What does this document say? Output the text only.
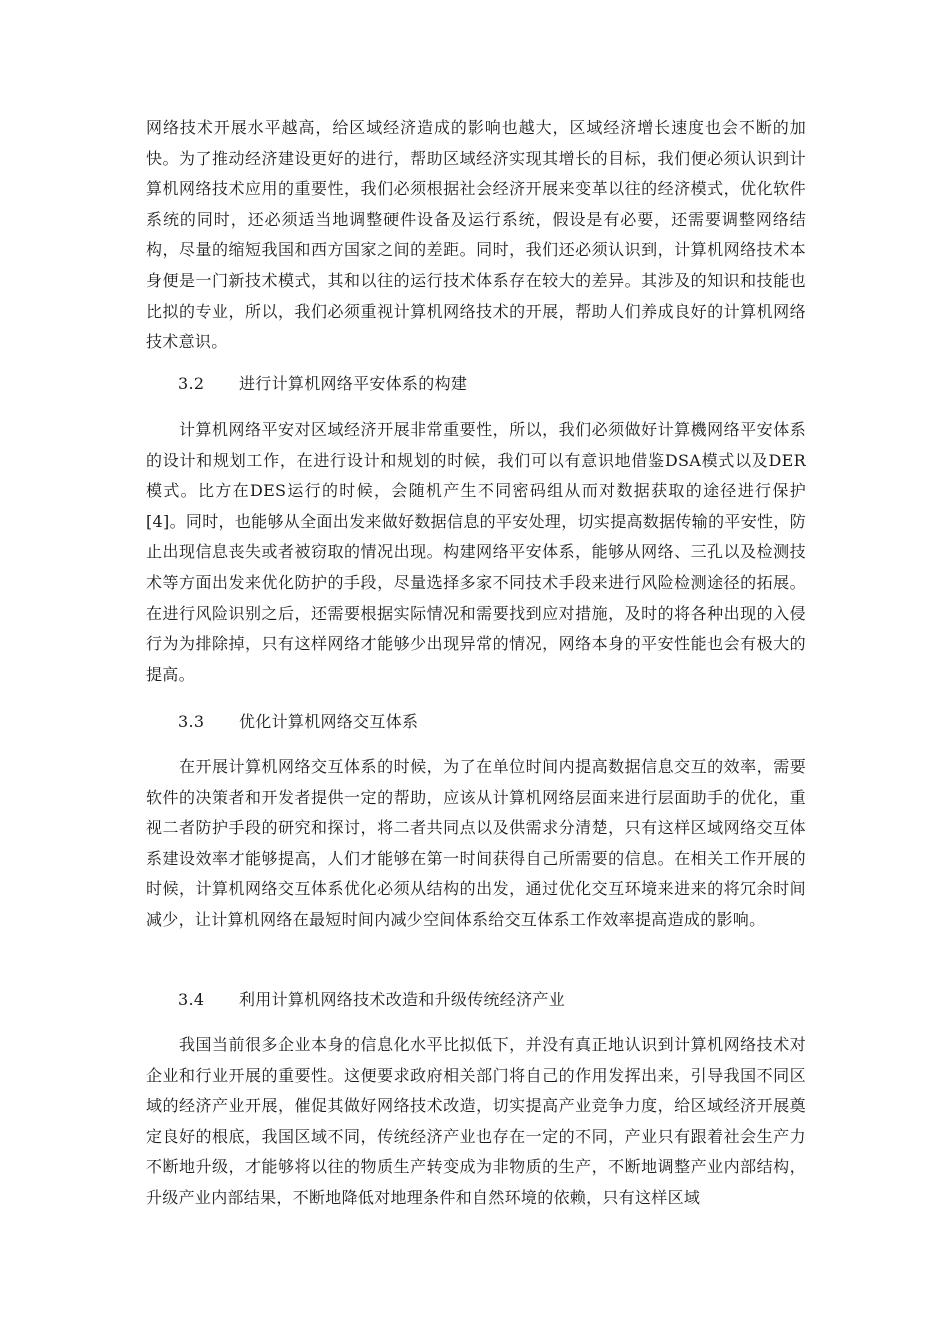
网络技术开展水平越高，给区域经济造成的影响也越大，区域经济增长速度也会不断的加快。为了推动经济建设更好的进行，帮助区域经济实现其增长的目标，我们便必须认识到计算机网络技术应用的重要性，我们必须根据社会经济开展来变革以往的经济模式，优化软件系统的同时，还必须适当地调整硬件设备及运行系统，假设是有必要，还需要调整网络结构，尽量的缩短我国和西方国家之间的差距。同时，我们还必须认识到，计算机网络技术本身便是一门新技术模式，其和以往的运行技术体系存在较大的差异。其涉及的知识和技能也比拟的专业，所以，我们必须重视计算机网络技术的开展，帮助人们养成良好的计算机网络技术意识。

3.2 进行计算机网络平安体系的构建

计算机网络平安对区域经济开展非常重要性，所以，我们必须做好计算機网络平安体系的设计和规划工作，在进行设计和规划的时候，我们可以有意识地借鉴DSA模式以及DER模式。比方在DES运行的时候，会随机产生不同密码组从而对数据获取的途径进行保护[4]。同时，也能够从全面出发来做好数据信息的平安处理，切实提高数据传输的平安性，防止出现信息丧失或者被窃取的情况出现。构建网络平安体系，能够从网络、三孔以及检测技术等方面出发来优化防护的手段，尽量选择多家不同技术手段来进行风险检测途径的拓展。在进行风险识别之后，还需要根据实际情况和需要找到应对措施，及时的将各种出现的入侵行为为排除掉，只有这样网络才能够少出现异常的情况，网络本身的平安性能也会有极大的提高。

3.3 优化计算机网络交互体系

在开展计算机网络交互体系的时候，为了在单位时间内提高数据信息交互的效率，需要软件的决策者和开发者提供一定的帮助，应该从计算机网络层面来进行层面助手的优化，重视二者防护手段的研究和探讨，将二者共同点以及供需求分清楚，只有这样区域网络交互体系建设效率才能够提高，人们才能够在第一时间获得自己所需要的信息。在相关工作开展的时候，计算机网络交互体系优化必须从结构的出发，通过优化交互环境来进来的将冗余时间减少，让计算机网络在最短时间内减少空间体系给交互体系工作效率提高造成的影响。

3.4 利用计算机网络技术改造和升级传统经济产业

我国当前很多企业本身的信息化水平比拟低下，并没有真正地认识到计算机网络技术对企业和行业开展的重要性。这便要求政府相关部门将自己的作用发挥出来，引导我国不同区域的经济产业开展，催促其做好网络技术改造，切实提高产业竞争力度，给区域经济开展奠定良好的根底，我国区域不同，传统经济产业也存在一定的不同，产业只有跟着社会生产力不断地升级，才能够将以往的物质生产转变成为非物质的生产，不断地调整产业内部结构，升级产业内部结果，不断地降低对地理条件和自然环境的依赖，只有这样区域
